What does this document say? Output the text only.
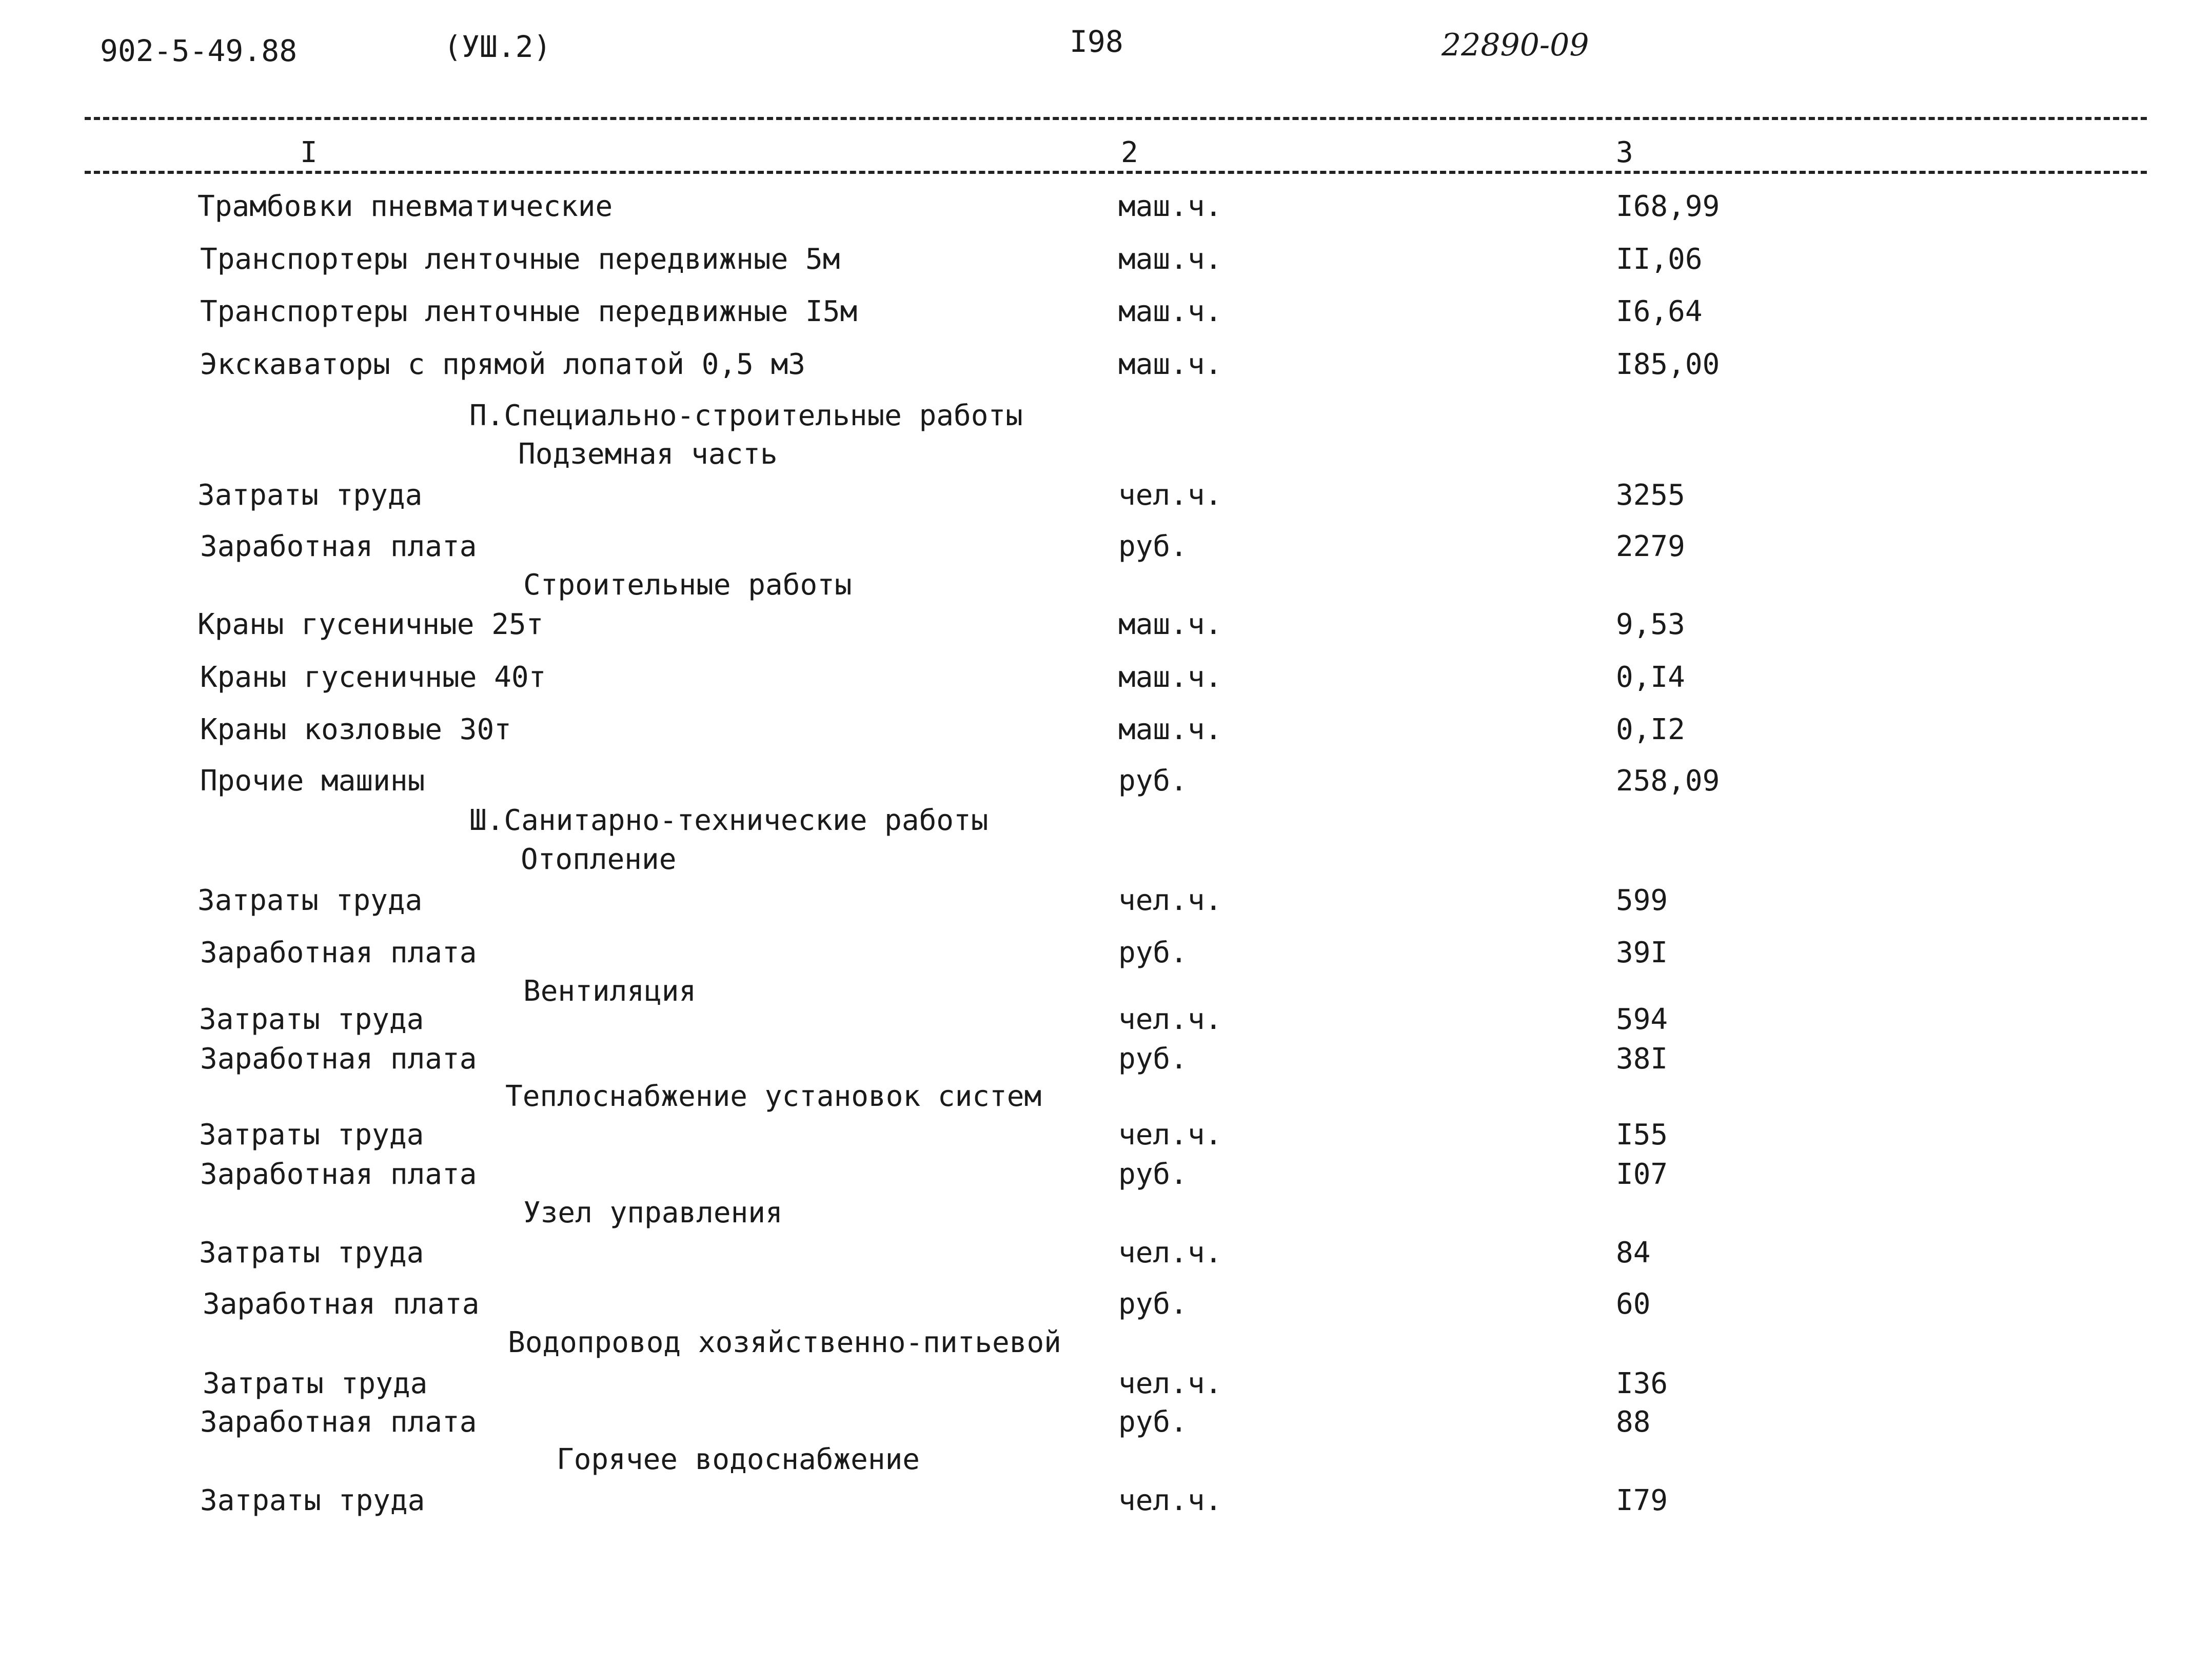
902-5-49.88	(УШ.2)	I98	22890-09
I	2	3
Трамбовки пневматические	маш.ч.	I68,99
Транспортеры ленточные передвижные 5м	маш.ч.	II,06
Транспортеры ленточные передвижные I5м	маш.ч.	I6,64
Экскаваторы с прямой лопатой 0,5 м3	маш.ч.	I85,00
П.Специально-строительные работы
Подземная часть
Затраты труда	чел.ч.	3255
Заработная плата	руб.	2279
Строительные работы
Краны гусеничные 25т	маш.ч.	9,53
Краны гусеничные 40т	маш.ч.	0,I4
Краны козловые 30т	маш.ч.	0,I2
Прочие машины	руб.	258,09
Ш.Санитарно-технические работы
Отопление
Затраты труда	чел.ч.	599
Заработная плата	руб.	39I
Вентиляция
Затраты труда	чел.ч.	594
Заработная плата	руб.	38I
Теплоснабжение установок систем
Затраты труда	чел.ч.	I55
Заработная плата	руб.	I07
Узел управления
Затраты труда	чел.ч.	84
Заработная плата	руб.	60
Водопровод хозяйственно-питьевой
Затраты труда	чел.ч.	I36
Заработная плата	руб.	88
Горячее водоснабжение
Затраты труда	чел.ч.	I79
